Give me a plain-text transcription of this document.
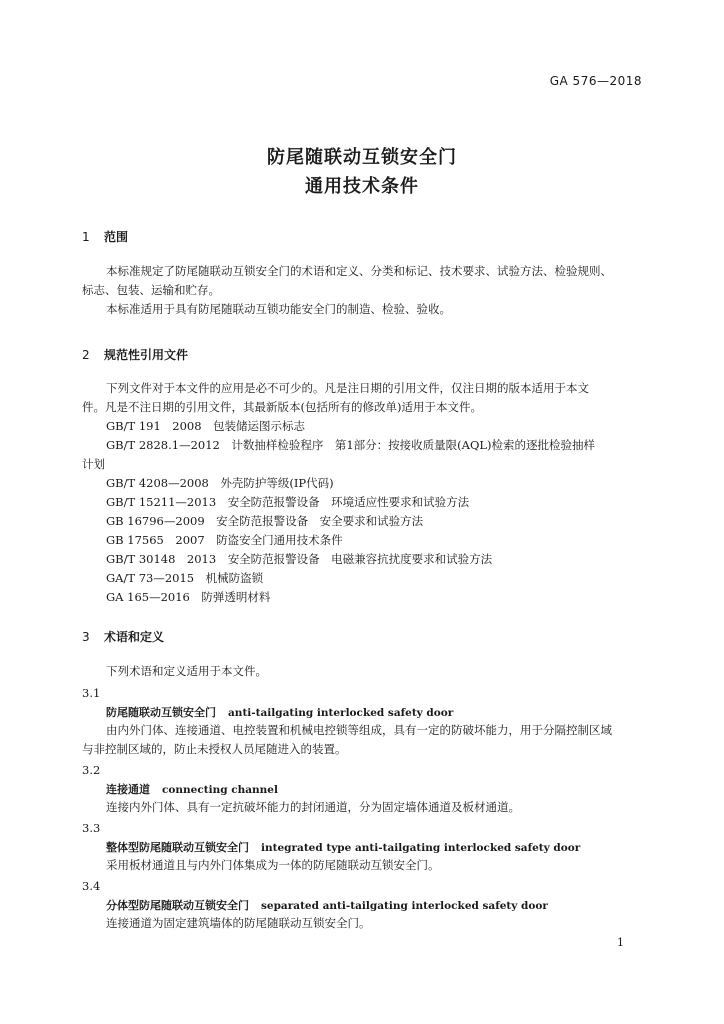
GA 576—2018
防尾随联动互锁安全门
通用技术条件
1 范围
本标准规定了防尾随联动互锁安全门的术语和定义、分类和标记、技术要求、试验方法、检验规则、
标志、包装、运输和贮存。
本标准适用于具有防尾随联动互锁功能安全门的制造、检验、验收。
2 规范性引用文件
下列文件对于本文件的应用是必不可少的。凡是注日期的引用文件，仅注日期的版本适用于本文
件。凡是不注日期的引用文件，其最新版本(包括所有的修改单)适用于本文件。
GB/T 191　2008　包装储运图示标志
GB/T 2828.1—2012　计数抽样检验程序　第1部分：按接收质量限(AQL)检索的逐批检验抽样
计划
GB/T 4208—2008　外壳防护等级(IP代码)
GB/T 15211—2013　安全防范报警设备　环境适应性要求和试验方法
GB 16796—2009　安全防范报警设备　安全要求和试验方法
GB 17565　2007　防盗安全门通用技术条件
GB/T 30148　2013　安全防范报警设备　电磁兼容抗扰度要求和试验方法
GA/T 73—2015　机械防盗锁
GA 165—2016　防弹透明材料
3 术语和定义
下列术语和定义适用于本文件。
3.1
防尾随联动互锁安全门 anti-tailgating interlocked safety door
由内外门体、连接通道、电控装置和机械电控锁等组成，具有一定的防破坏能力，用于分隔控制区域
与非控制区域的，防止未授权人员尾随进入的装置。
3.2
连接通道 connecting channel
连接内外门体、具有一定抗破坏能力的封闭通道，分为固定墙体通道及板材通道。
3.3
整体型防尾随联动互锁安全门 integrated type anti-tailgating interlocked safety door
采用板材通道且与内外门体集成为一体的防尾随联动互锁安全门。
3.4
分体型防尾随联动互锁安全门 separated anti-tailgating interlocked safety door
连接通道为固定建筑墙体的防尾随联动互锁安全门。
1
